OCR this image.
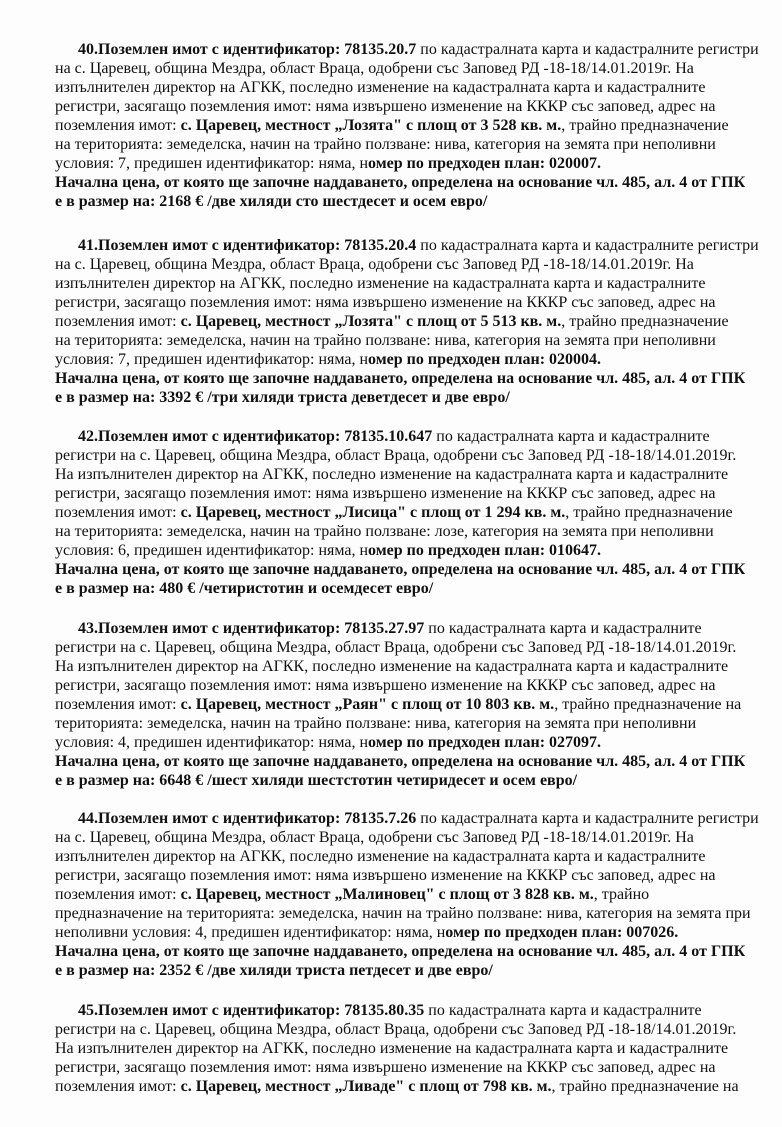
40.Поземлен имот с идентификатор: 78135.20.7 по кадастралната карта и кадастралните регистри
на с. Царевец, община Мездра, област Враца, одобрени със Заповед РД -18-18/14.01.2019г. На
изпълнителен директор на АГКК, последно изменение на кадастралната карта и кадастралните
регистри, засягащо поземления имот: няма извършено изменение на КККР със заповед, адрес на
поземления имот: с. Царевец, местност „Лозята" с площ от 3 528 кв. м., трайно предназначение
на територията: земеделска, начин на трайно ползване: нива, категория на земята при неполивни
условия: 7, предишен идентификатор: няма, номер по предходен план: 020007.
Начална цена, от която ще започне наддаването, определена на основание чл. 485, ал. 4 от ГПК
е в размер на: 2168 € /две хиляди сто шестдесет и осем евро/
41.Поземлен имот с идентификатор: 78135.20.4 по кадастралната карта и кадастралните регистри
на с. Царевец, община Мездра, област Враца, одобрени със Заповед РД -18-18/14.01.2019г. На
изпълнителен директор на АГКК, последно изменение на кадастралната карта и кадастралните
регистри, засягащо поземления имот: няма извършено изменение на КККР със заповед, адрес на
поземления имот: с. Царевец, местност „Лозята" с площ от 5 513 кв. м., трайно предназначение
на територията: земеделска, начин на трайно ползване: нива, категория на земята при неполивни
условия: 7, предишен идентификатор: няма, номер по предходен план: 020004.
Начална цена, от която ще започне наддаването, определена на основание чл. 485, ал. 4 от ГПК
е в размер на: 3392 € /три хиляди триста деветдесет и две евро/
42.Поземлен имот с идентификатор: 78135.10.647 по кадастралната карта и кадастралните
регистри на с. Царевец, община Мездра, област Враца, одобрени със Заповед РД -18-18/14.01.2019г.
На изпълнителен директор на АГКК, последно изменение на кадастралната карта и кадастралните
регистри, засягащо поземления имот: няма извършено изменение на КККР със заповед, адрес на
поземления имот: с. Царевец, местност „Лисица" с площ от 1 294 кв. м., трайно предназначение
на територията: земеделска, начин на трайно ползване: лозе, категория на земята при неполивни
условия: 6, предишен идентификатор: няма, номер по предходен план: 010647.
Начална цена, от която ще започне наддаването, определена на основание чл. 485, ал. 4 от ГПК
е в размер на: 480 € /четиристотин и осемдесет евро/
43.Поземлен имот с идентификатор: 78135.27.97 по кадастралната карта и кадастралните
регистри на с. Царевец, община Мездра, област Враца, одобрени със Заповед РД -18-18/14.01.2019г.
На изпълнителен директор на АГКК, последно изменение на кадастралната карта и кадастралните
регистри, засягащо поземления имот: няма извършено изменение на КККР със заповед, адрес на
поземления имот: с. Царевец, местност „Раян" с площ от 10 803 кв. м., трайно предназначение на
територията: земеделска, начин на трайно ползване: нива, категория на земята при неполивни
условия: 4, предишен идентификатор: няма, номер по предходен план: 027097.
Начална цена, от която ще започне наддаването, определена на основание чл. 485, ал. 4 от ГПК
е в размер на: 6648 € /шест хиляди шестстотин четиридесет и осем евро/
44.Поземлен имот с идентификатор: 78135.7.26 по кадастралната карта и кадастралните регистри
на с. Царевец, община Мездра, област Враца, одобрени със Заповед РД -18-18/14.01.2019г. На
изпълнителен директор на АГКК, последно изменение на кадастралната карта и кадастралните
регистри, засягащо поземления имот: няма извършено изменение на КККР със заповед, адрес на
поземления имот: с. Царевец, местност „Малиновец" с площ от 3 828 кв. м., трайно
предназначение на територията: земеделска, начин на трайно ползване: нива, категория на земята при
неполивни условия: 4, предишен идентификатор: няма, номер по предходен план: 007026.
Начална цена, от която ще започне наддаването, определена на основание чл. 485, ал. 4 от ГПК
е в размер на: 2352 € /две хиляди триста петдесет и две евро/
45.Поземлен имот с идентификатор: 78135.80.35 по кадастралната карта и кадастралните
регистри на с. Царевец, община Мездра, област Враца, одобрени със Заповед РД -18-18/14.01.2019г.
На изпълнителен директор на АГКК, последно изменение на кадастралната карта и кадастралните
регистри, засягащо поземления имот: няма извършено изменение на КККР със заповед, адрес на
поземления имот: с. Царевец, местност „Ливаде" с площ от 798 кв. м., трайно предназначение на
